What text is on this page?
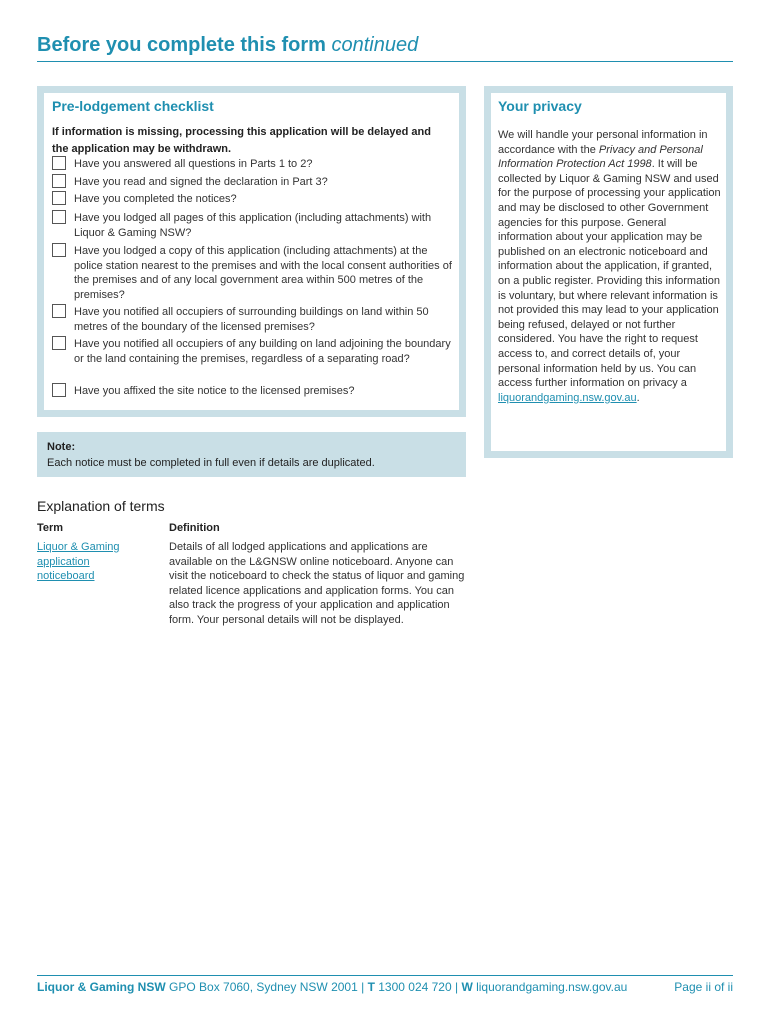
Before you complete this form continued
Pre-lodgement checklist
If information is missing, processing this application will be delayed and the application may be withdrawn.
Have you answered all questions in Parts 1 to 2?
Have you read and signed the declaration in Part 3?
Have you completed the notices?
Have you lodged all pages of this application (including attachments) with Liquor & Gaming NSW?
Have you lodged a copy of this application (including attachments) at the police station nearest to the premises and with the local consent authorities of the premises and of any local government area within 500 metres of the premises?
Have you notified all occupiers of surrounding buildings on land within 50 metres of the boundary of the licensed premises?
Have you notified all occupiers of any building on land adjoining the boundary or the land containing the premises, regardless of a separating road?
Have you affixed the site notice to the licensed premises?
Note:
Each notice must be completed in full even if details are duplicated.
Your privacy
We will handle your personal information in accordance with the Privacy and Personal Information Protection Act 1998. It will be collected by Liquor & Gaming NSW and used for the purpose of processing your application and may be disclosed to other Government agencies for this purpose. General information about your application may be published on an electronic noticeboard and information about the application, if granted, on a public register. Providing this information is voluntary, but where relevant information is not provided this may lead to your application being refused, delayed or not further considered. You have the right to request access to, and correct details of, your personal information held by us. You can access further information on privacy a liquorandgaming.nsw.gov.au.
Explanation of terms
Term	Definition
Liquor & Gaming application noticeboard
Details of all lodged applications and applications are available on the L&GNSW online noticeboard. Anyone can visit the noticeboard to check the status of liquor and gaming related licence applications and application forms. You can also track the progress of your application and application form. Your personal details will not be displayed.
Liquor & Gaming NSW GPO Box 7060, Sydney NSW 2001 | T 1300 024 720 | W liquorandgaming.nsw.gov.au	Page ii of ii
